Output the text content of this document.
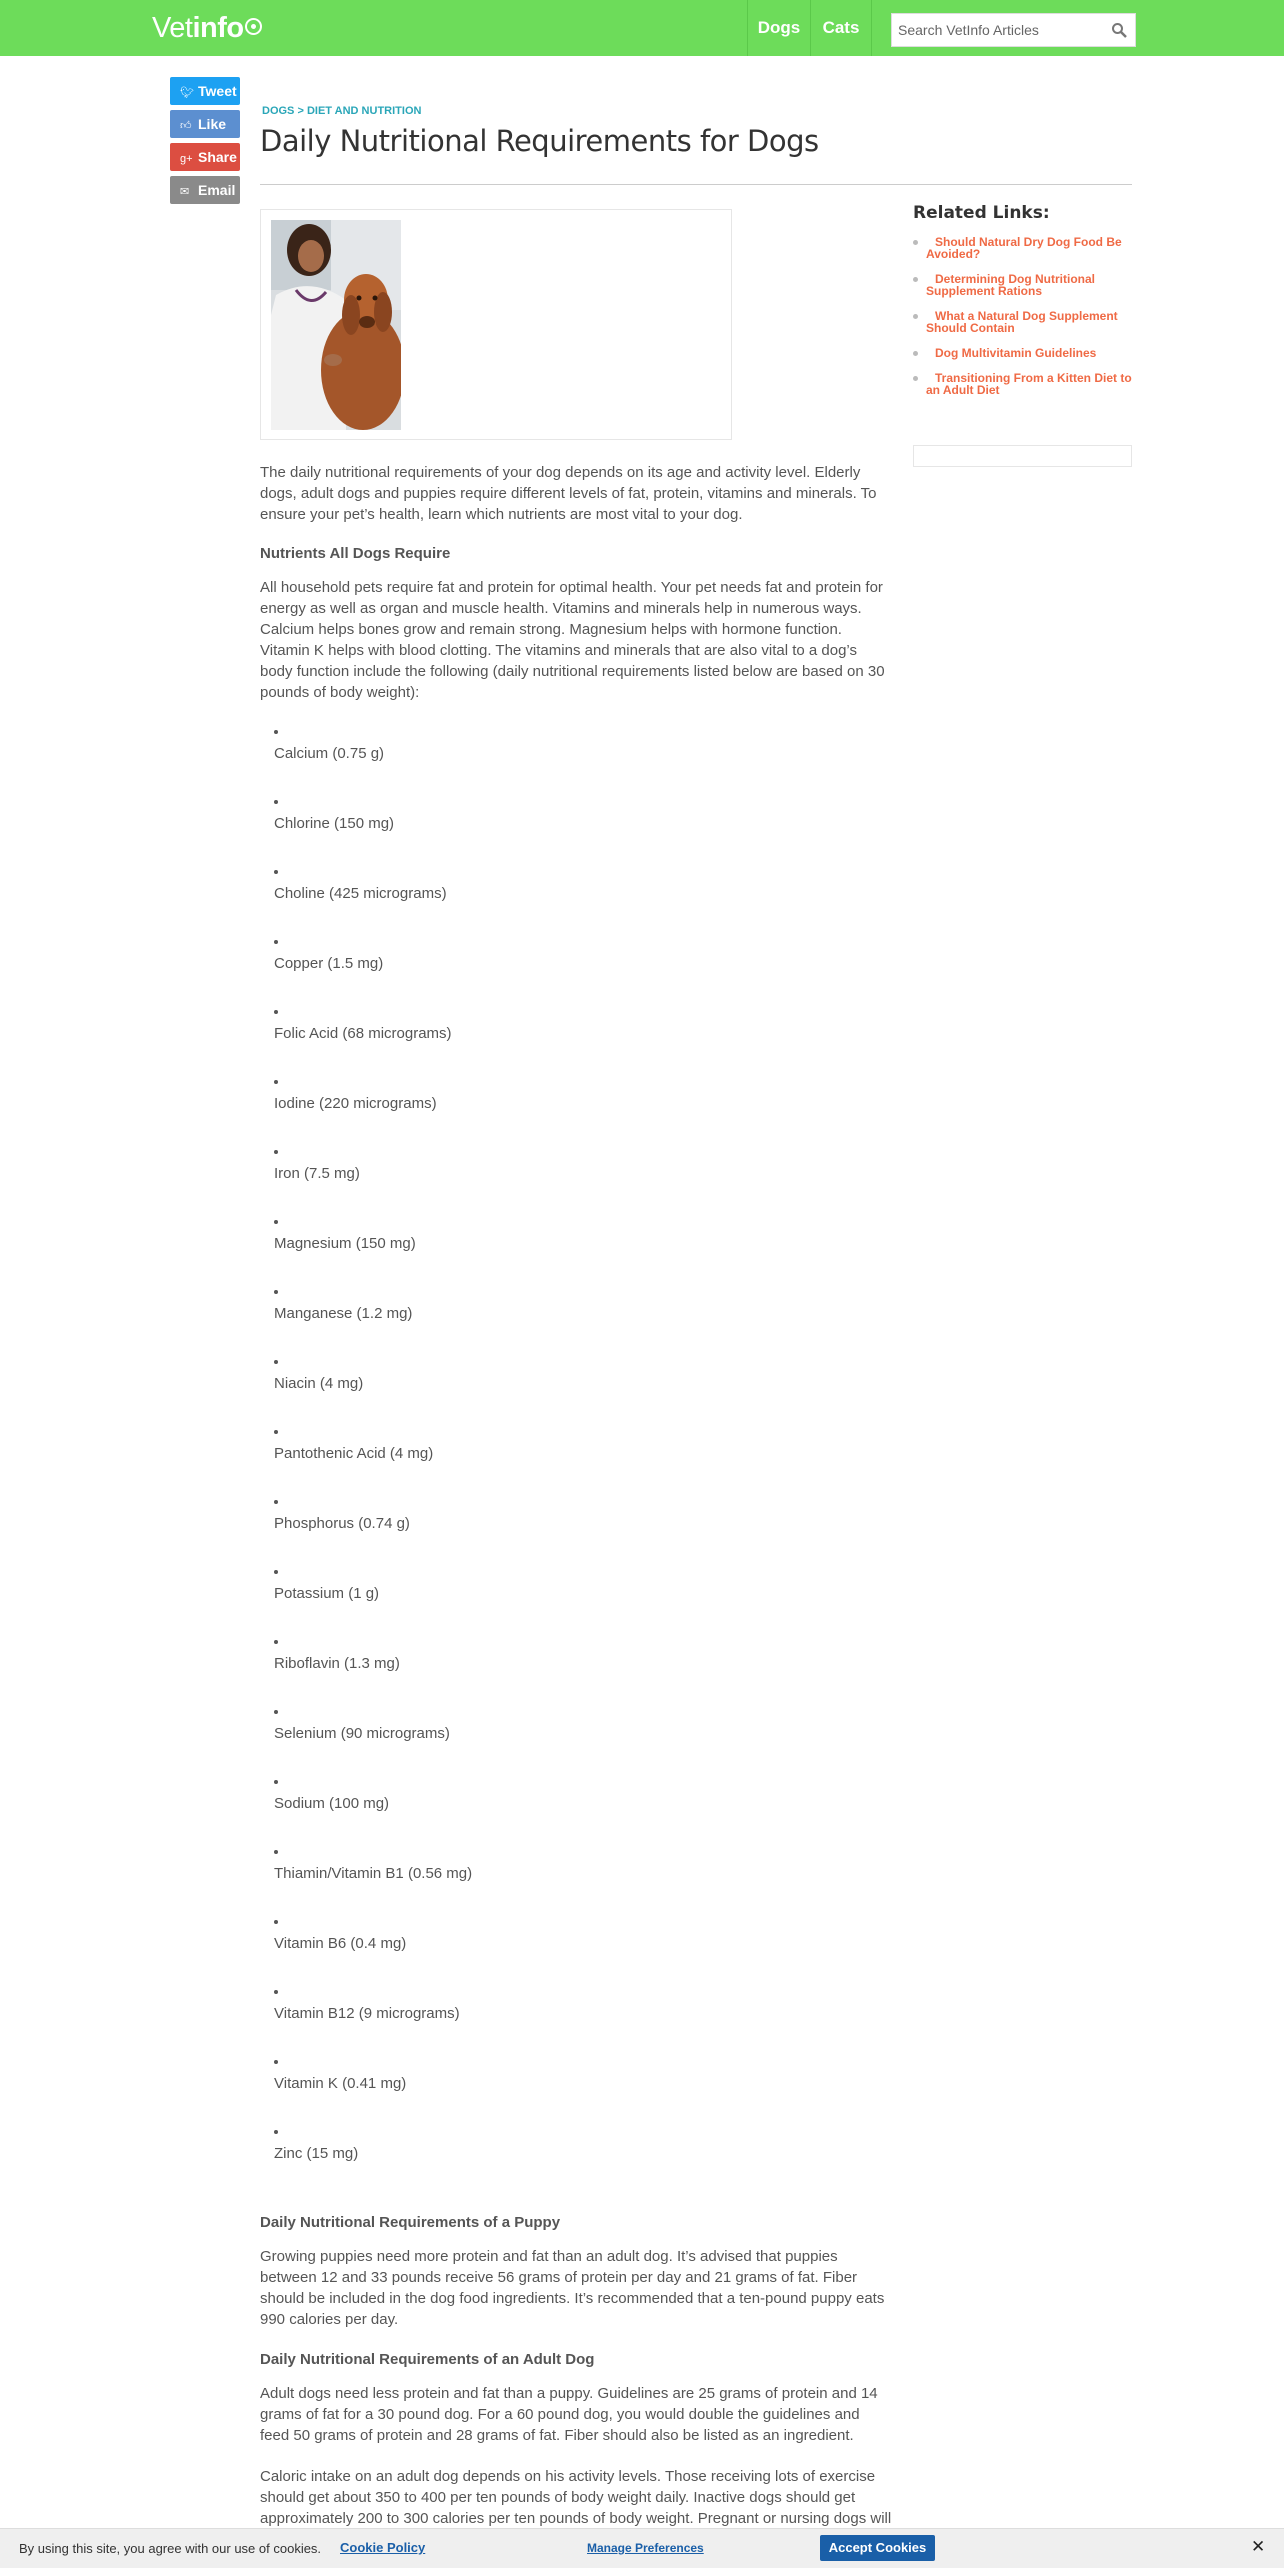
Vetinfo	Dogs	Cats
Search VetInfo Articles
🐦︎ Tweet
👍︎ Like
g+ Share
✉ Email
DOGS > DIET AND NUTRITION
Daily Nutritional Requirements for Dogs
Related Links:
Should Natural Dry Dog Food Be Avoided?
Determining Dog Nutritional Supplement Rations
What a Natural Dog Supplement Should Contain
Dog Multivitamin Guidelines
Transitioning From a Kitten Diet to an Adult Diet

The daily nutritional requirements of your dog depends on its age and activity level. Elderly dogs, adult dogs and puppies require different levels of fat, protein, vitamins and minerals. To ensure your pet’s health, learn which nutrients are most vital to your dog.

Nutrients All Dogs Require

All household pets require fat and protein for optimal health. Your pet needs fat and protein for energy as well as organ and muscle health. Vitamins and minerals help in numerous ways. Calcium helps bones grow and remain strong. Magnesium helps with hormone function. Vitamin K helps with blood clotting. The vitamins and minerals that are also vital to a dog’s body function include the following (daily nutritional requirements listed below are based on 30 pounds of body weight):

Calcium (0.75 g)
Chlorine (150 mg)
Choline (425 micrograms)
Copper (1.5 mg)
Folic Acid (68 micrograms)
Iodine (220 micrograms)
Iron (7.5 mg)
Magnesium (150 mg)
Manganese (1.2 mg)
Niacin (4 mg)
Pantothenic Acid (4 mg)
Phosphorus (0.74 g)
Potassium (1 g)
Riboflavin (1.3 mg)
Selenium (90 micrograms)
Sodium (100 mg)
Thiamin/Vitamin B1 (0.56 mg)
Vitamin B6 (0.4 mg)
Vitamin B12 (9 micrograms)
Vitamin K (0.41 mg)
Zinc (15 mg)
Daily Nutritional Requirements of a Puppy

Growing puppies need more protein and fat than an adult dog. It’s advised that puppies between 12 and 33 pounds receive 56 grams of protein per day and 21 grams of fat. Fiber should be included in the dog food ingredients. It’s recommended that a ten-pound puppy eats 990 calories per day.

Daily Nutritional Requirements of an Adult Dog

Adult dogs need less protein and fat than a puppy. Guidelines are 25 grams of protein and 14 grams of fat for a 30 pound dog. For a 60 pound dog, you would double the guidelines and feed 50 grams of protein and 28 grams of fat. Fiber should also be listed as an ingredient.

Caloric intake on an adult dog depends on his activity levels. Those receiving lots of exercise should get about 350 to 400 per ten pounds of body weight daily. Inactive dogs should get approximately 200 to 300 calories per ten pounds of body weight. Pregnant or nursing dogs will

By using this site, you agree with our use of cookies. Cookie Policy	Manage Preferences	Accept Cookies	✕
